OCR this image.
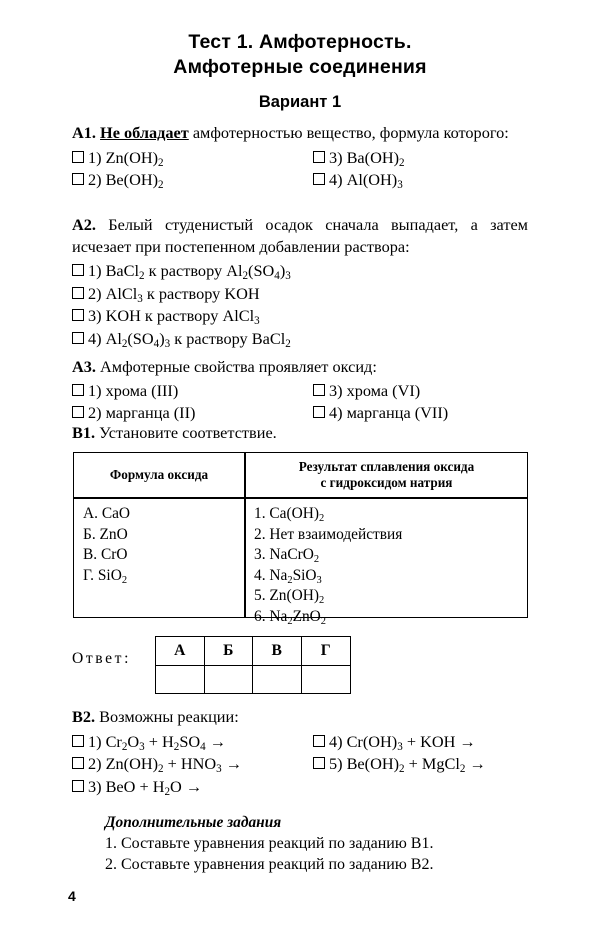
Тест 1. Амфотерность.
Амфотерные соединения
Вариант 1
A1. Не обладает амфотерностью вещество, формула которого:
1) $Zn(OH)_2$
2) $Be(OH)_2$
3) $Ba(OH)_2$
4) $Al(OH)_3$
A2. Белый студенистый осадок сначала выпадает, а затем исчезает при постепенном добавлении раствора:
1) BaCl$_2$ к раствору $Al_2(SO_4)_3$
2) AlCl$_3$ к раствору KOH
3) KOH к раствору AlCl$_3$
4) $Al_2(SO_4)_3$ к раствору BaCl$_2$
A3. Амфотерные свойства проявляет оксид:
1) хрома (III)
2) марганца (II)
3) хрома (VI)
4) марганца (VII)
B1. Установите соответствие.
Формула оксида
Результат сплавления оксида
с гидроксидом натрия
А. CaO
Б. ZnO
В. CrO
Г. SiO$_2$
1. $Ca(OH)_2$
2. Нет взаимодействия
3. NaCrO$_2$
4. $Na_2SiO_3$
5. $Zn(OH)_2$
6. $Na_2ZnO_2$
Ответ:	А	Б	В	Г
B2. Возможны реакции:
1) $Cr_2O_3 + H_2SO_4$ →
2) $Zn(OH)_2 + HNO_3$ →
3) BeO + $H_2O$ →
4) $Cr(OH)_3$ + KOH →
5) $Be(OH)_2$ + MgCl$_2$ →
Дополнительные задания
1. Составьте уравнения реакций по заданию B1.
2. Составьте уравнения реакций по заданию B2.
4
